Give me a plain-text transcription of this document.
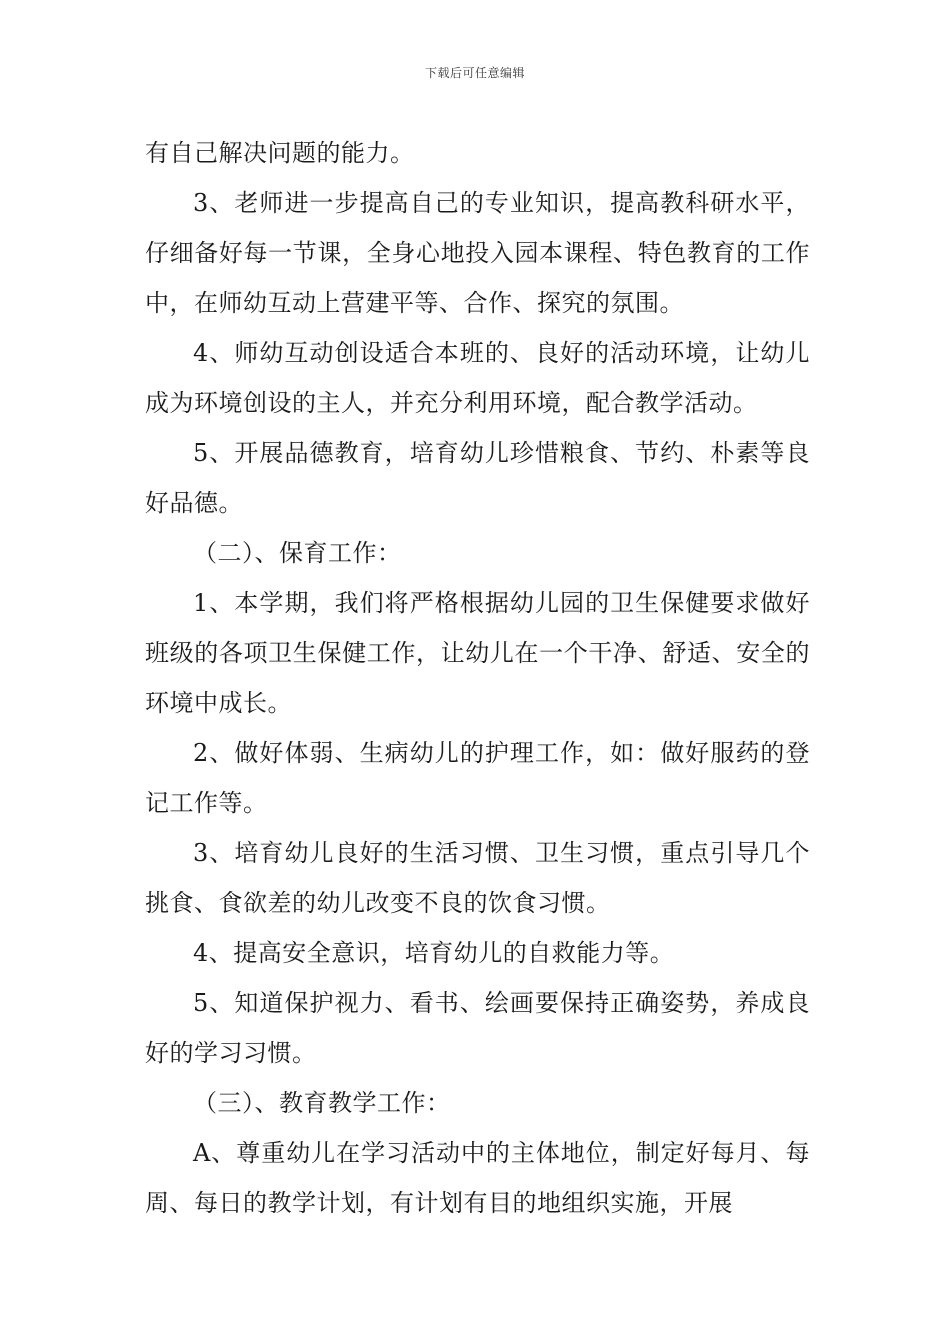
下载后可任意编辑

有自己解决问题的能力。

3、老师进一步提高自己的专业知识，提高教科研水平，仔细备好每一节课，全身心地投入园本课程、特色教育的工作中，在师幼互动上营建平等、合作、探究的氛围。

4、师幼互动创设适合本班的、良好的活动环境，让幼儿成为环境创设的主人，并充分利用环境，配合教学活动。

5、开展品德教育，培育幼儿珍惜粮食、节约、朴素等良好品德。

（二）、保育工作：

1、本学期，我们将严格根据幼儿园的卫生保健要求做好班级的各项卫生保健工作，让幼儿在一个干净、舒适、安全的环境中成长。

2、做好体弱、生病幼儿的护理工作，如：做好服药的登记工作等。

3、培育幼儿良好的生活习惯、卫生习惯，重点引导几个挑食、食欲差的幼儿改变不良的饮食习惯。

4、提高安全意识，培育幼儿的自救能力等。

5、知道保护视力、看书、绘画要保持正确姿势，养成良好的学习习惯。

（三）、教育教学工作：

A、尊重幼儿在学习活动中的主体地位，制定好每月、每周、每日的教学计划，有计划有目的地组织实施，开展
